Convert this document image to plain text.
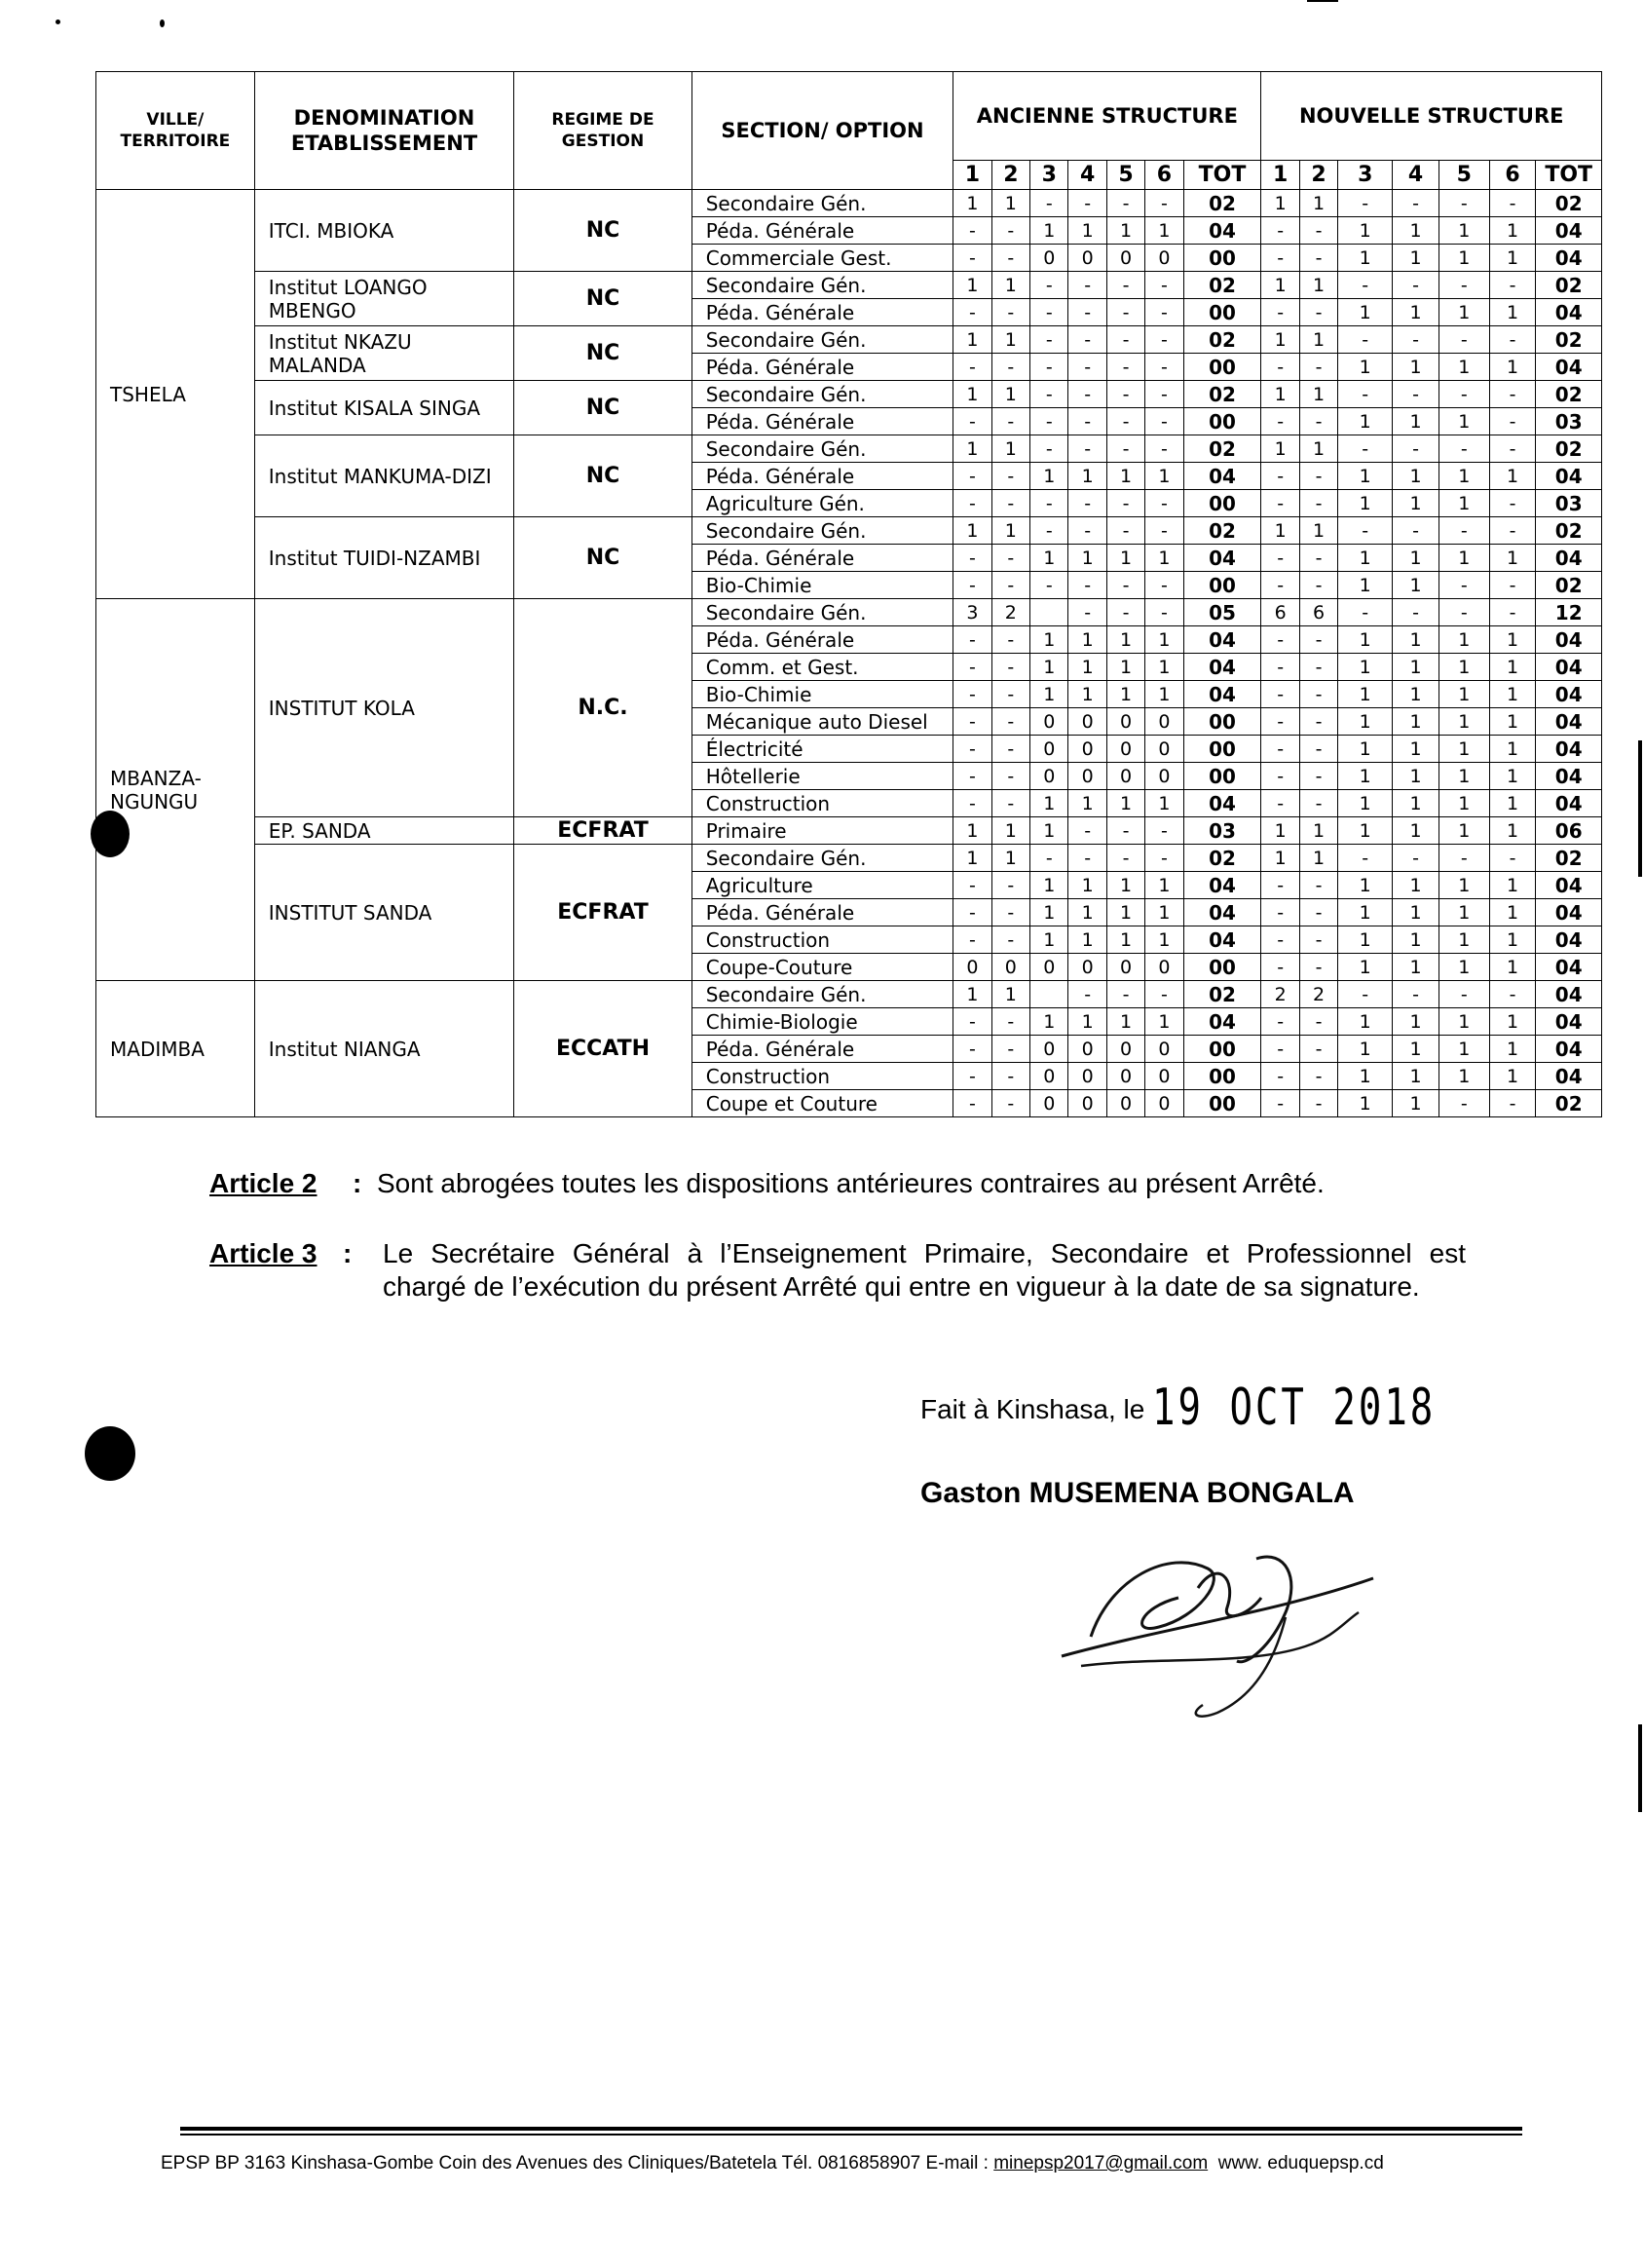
VILLE/ TERRITOIRE	DENOMINATION ETABLISSEMENT	REGIME DE GESTION	SECTION/ OPTION	ANCIENNE STRUCTURE							NOUVELLE STRUCTURE						
				1	2	3	4	5	6	TOT	1	2	3	4	5	6	TOT
TSHELA	ITCI. MBIOKA	NC	Secondaire Gén.	1	1	-	-	-	-	02	1	1	-	-	-	-	02
			Péda. Générale	-	-	1	1	1	1	04	-	-	1	1	1	1	04
			Commerciale Gest.	-	-	0	0	0	0	00	-	-	1	1	1	1	04
	Institut LOANGO MBENGO	NC	Secondaire Gén.	1	1	-	-	-	-	02	1	1	-	-	-	-	02
			Péda. Générale	-	-	-	-	-	-	00	-	-	1	1	1	1	04
	Institut NKAZU MALANDA	NC	Secondaire Gén.	1	1	-	-	-	-	02	1	1	-	-	-	-	02
			Péda. Générale	-	-	-	-	-	-	00	-	-	1	1	1	1	04
	Institut KISALA SINGA	NC	Secondaire Gén.	1	1	-	-	-	-	02	1	1	-	-	-	-	02
			Péda. Générale	-	-	-	-	-	-	00	-	-	1	1	1	-	03
	Institut MANKUMA-DIZI	NC	Secondaire Gén.	1	1	-	-	-	-	02	1	1	-	-	-	-	02
			Péda. Générale	-	-	1	1	1	1	04	-	-	1	1	1	1	04
			Agriculture Gén.	-	-	-	-	-	-	00	-	-	1	1	1	-	03
	Institut TUIDI-NZAMBI	NC	Secondaire Gén.	1	1	-	-	-	-	02	1	1	-	-	-	-	02
			Péda. Générale	-	-	1	1	1	1	04	-	-	1	1	1	1	04
			Bio-Chimie	-	-	-	-	-	-	00	-	-	1	1	-	-	02
MBANZA-NGUNGU	INSTITUT KOLA	N.C.	Secondaire Gén.	3	2		-	-	-	05	6	6	-	-	-	-	12
			Péda. Générale	-	-	1	1	1	1	04	-	-	1	1	1	1	04
			Comm. et Gest.	-	-	1	1	1	1	04	-	-	1	1	1	1	04
			Bio-Chimie	-	-	1	1	1	1	04	-	-	1	1	1	1	04
			Mécanique auto Diesel	-	-	0	0	0	0	00	-	-	1	1	1	1	04
			Électricité	-	-	0	0	0	0	00	-	-	1	1	1	1	04
			Hôtellerie	-	-	0	0	0	0	00	-	-	1	1	1	1	04
			Construction	-	-	1	1	1	1	04	-	-	1	1	1	1	04
	EP. SANDA	ECFRAT	Primaire	1	1	1	-	-	-	03	1	1	1	1	1	1	06
	INSTITUT SANDA	ECFRAT	Secondaire Gén.	1	1	-	-	-	-	02	1	1	-	-	-	-	02
			Agriculture	-	-	1	1	1	1	04	-	-	1	1	1	1	04
			Péda. Générale	-	-	1	1	1	1	04	-	-	1	1	1	1	04
			Construction	-	-	1	1	1	1	04	-	-	1	1	1	1	04
			Coupe-Couture	0	0	0	0	0	0	00	-	-	1	1	1	1	04
MADIMBA	Institut NIANGA	ECCATH	Secondaire Gén.	1	1		-	-	-	02	2	2	-	-	-	-	04
			Chimie-Biologie	-	-	1	1	1	1	04	-	-	1	1	1	1	04
			Péda. Générale	-	-	0	0	0	0	00	-	-	1	1	1	1	04
			Construction	-	-	0	0	0	0	00	-	-	1	1	1	1	04
			Coupe et Couture	-	-	0	0	0	0	00	-	-	1	1	-	-	02
Article 2 : Sont abrogées toutes les dispositions antérieures contraires au présent Arrêté.
Article 3 : Le Secrétaire Général à l’Enseignement Primaire, Secondaire et Professionnel est chargé de l’exécution du présent Arrêté qui entre en vigueur à la date de sa signature.
Fait à Kinshasa, le 19 OCT 2018
Gaston MUSEMENA BONGALA
EPSP BP 3163 Kinshasa-Gombe Coin des Avenues des Cliniques/Batetela Tél. 0816858907 E-mail : minepsp2017@gmail.com www. eduquepsp.cd
